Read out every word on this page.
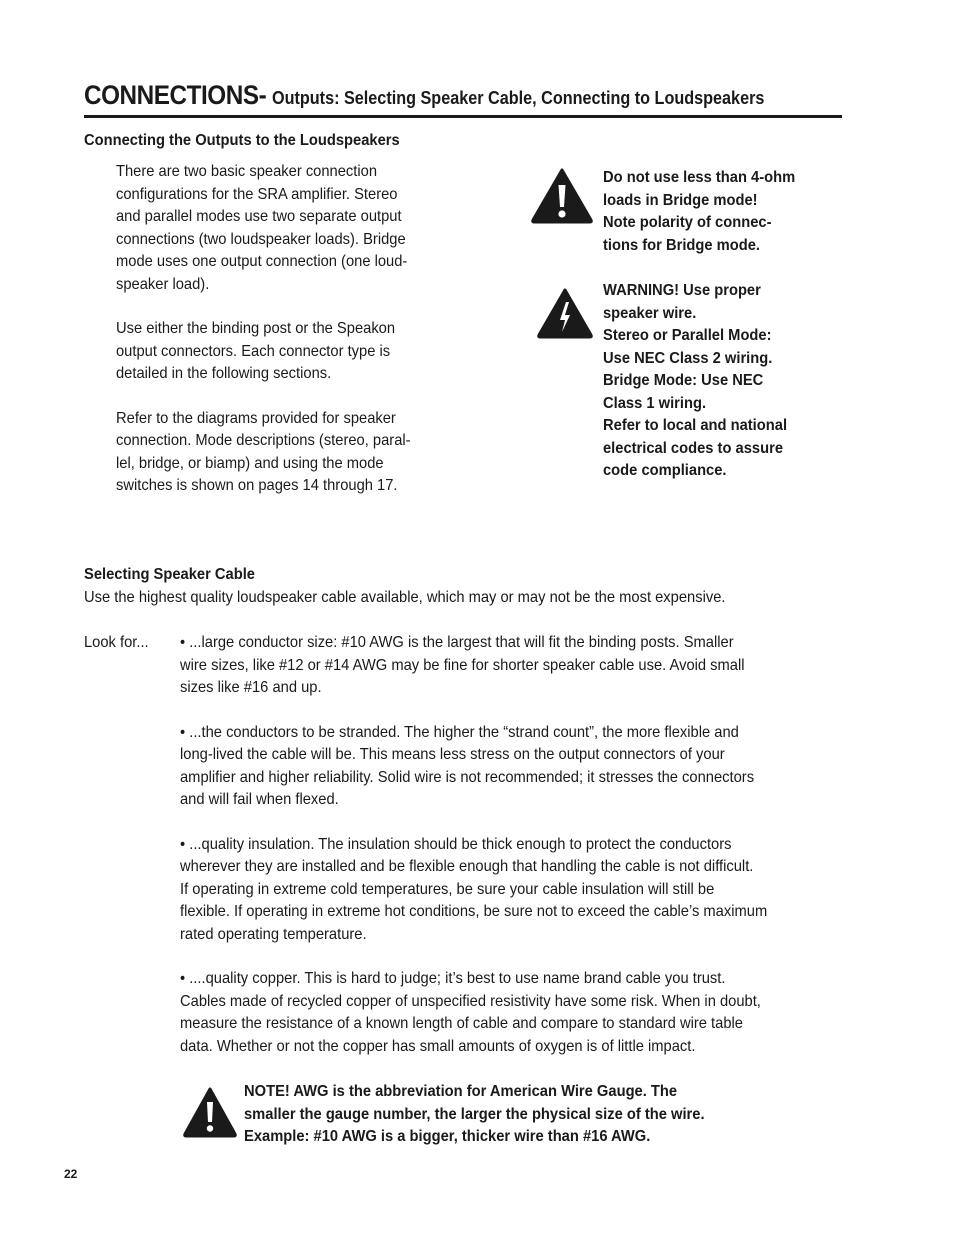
CONNECTIONS- Outputs: Selecting Speaker Cable, Connecting to Loudspeakers
Connecting the Outputs to the Loudspeakers

There are two basic speaker connection
configurations for the SRA amplifier. Stereo
and parallel modes use two separate output
connections (two loudspeaker loads). Bridge
mode uses one output connection (one loud-
speaker load).

Use either the binding post or the Speakon
output connectors. Each connector type is
detailed in the following sections.

Refer to the diagrams provided for speaker
connection. Mode descriptions (stereo, paral-
lel, bridge, or biamp) and using the mode
switches is shown on pages 14 through 17.

Do not use less than 4-ohm
loads in Bridge mode!
Note polarity of connec-
tions for Bridge mode.

WARNING! Use proper
speaker wire.
Stereo or Parallel Mode:
Use NEC Class 2 wiring.
Bridge Mode: Use NEC
Class 1 wiring.
Refer to local and national
electrical codes to assure
code compliance.

Selecting Speaker Cable
Use the highest quality loudspeaker cable available, which may or may not be the most expensive.
Look for... • ...large conductor size: #10 AWG is the largest that will fit the binding posts. Smaller
wire sizes, like #12 or #14 AWG may be fine for shorter speaker cable use. Avoid small
sizes like #16 and up.

• ...the conductors to be stranded. The higher the “strand count”, the more flexible and
long-lived the cable will be. This means less stress on the output connectors of your
amplifier and higher reliability. Solid wire is not recommended; it stresses the connectors
and will fail when flexed.

• ...quality insulation. The insulation should be thick enough to protect the conductors
wherever they are installed and be flexible enough that handling the cable is not difficult.
If operating in extreme cold temperatures, be sure your cable insulation will still be
flexible. If operating in extreme hot conditions, be sure not to exceed the cable’s maximum
rated operating temperature.

• ....quality copper. This is hard to judge; it’s best to use name brand cable you trust.
Cables made of recycled copper of unspecified resistivity have some risk. When in doubt,
measure the resistance of a known length of cable and compare to standard wire table
data. Whether or not the copper has small amounts of oxygen is of little impact.

NOTE! AWG is the abbreviation for American Wire Gauge. The
smaller the gauge number, the larger the physical size of the wire.
Example: #10 AWG is a bigger, thicker wire than #16 AWG.

22
